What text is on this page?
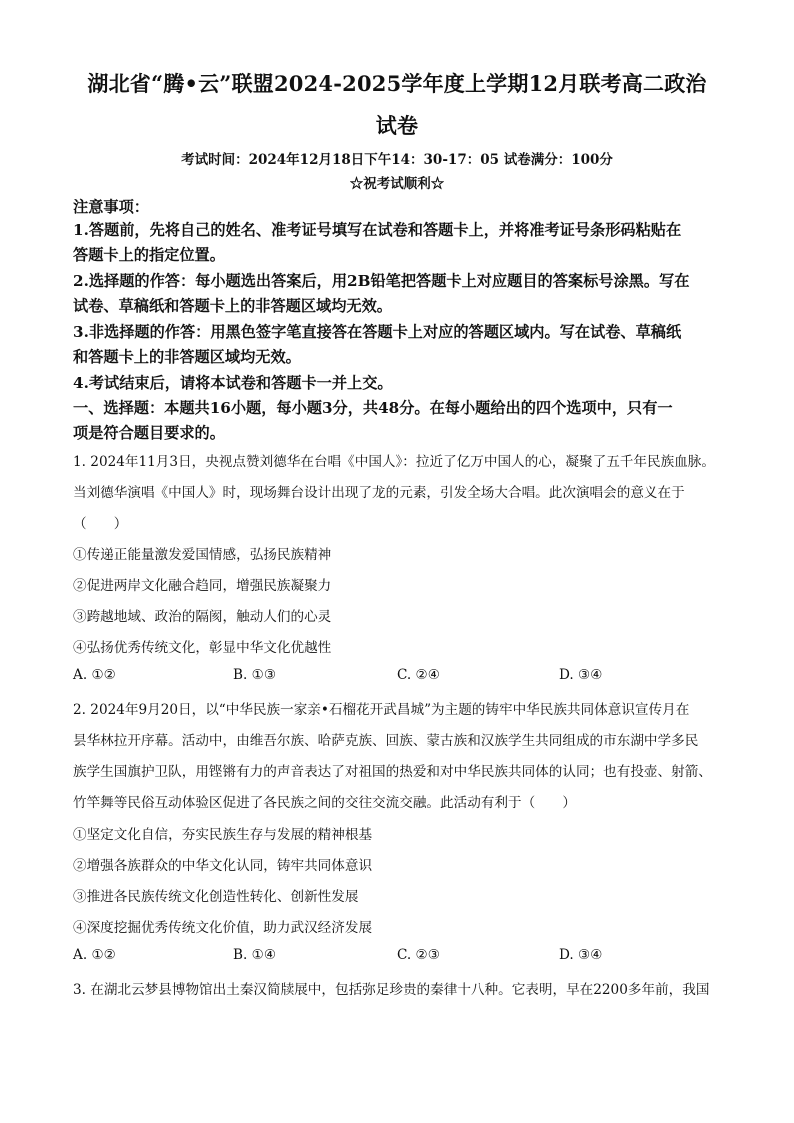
湖北省“腾•云”联盟2024-2025学年度上学期12月联考高二政治
试卷
考试时间：2024年12月18日下午14：30-17：05 试卷满分：100分
☆祝考试顺利☆
注意事项：
1.答题前，先将自己的姓名、准考证号填写在试卷和答题卡上，并将准考证号条形码粘贴在
答题卡上的指定位置。
2.选择题的作答：每小题选出答案后，用2B铅笔把答题卡上对应题目的答案标号涂黑。写在
试卷、草稿纸和答题卡上的非答题区域均无效。
3.非选择题的作答：用黑色签字笔直接答在答题卡上对应的答题区域内。写在试卷、草稿纸
和答题卡上的非答题区域均无效。
4.考试结束后，请将本试卷和答题卡一并上交。
一、选择题：本题共16小题，每小题3分，共48分。在每小题给出的四个选项中，只有一
项是符合题目要求的。
1. 2024年11月3日，央视点赞刘德华在台唱《中国人》：拉近了亿万中国人的心，凝聚了五千年民族血脉。
当刘德华演唱《中国人》时，现场舞台设计出现了龙的元素，引发全场大合唱。此次演唱会的意义在于
（　　）
①传递正能量激发爱国情感，弘扬民族精神
②促进两岸文化融合趋同，增强民族凝聚力
③跨越地域、政治的隔阂，触动人们的心灵
④弘扬优秀传统文化，彰显中华文化优越性
A. ①②	B. ①③	C. ②④	D. ③④
2. 2024年9月20日，以“中华民族一家亲•石榴花开武昌城”为主题的铸牢中华民族共同体意识宣传月在
昙华林拉开序幕。活动中，由维吾尔族、哈萨克族、回族、蒙古族和汉族学生共同组成的市东湖中学多民
族学生国旗护卫队，用铿锵有力的声音表达了对祖国的热爱和对中华民族共同体的认同；也有投壶、射箭、
竹竿舞等民俗互动体验区促进了各民族之间的交往交流交融。此活动有利于（　　）
①坚定文化自信，夯实民族生存与发展的精神根基
②增强各族群众的中华文化认同，铸牢共同体意识
③推进各民族传统文化创造性转化、创新性发展
④深度挖掘优秀传统文化价值，助力武汉经济发展
A. ①②	B. ①④	C. ②③	D. ③④
3. 在湖北云梦县博物馆出土秦汉简牍展中，包括弥足珍贵的秦律十八种。它表明，早在2200多年前，我国
